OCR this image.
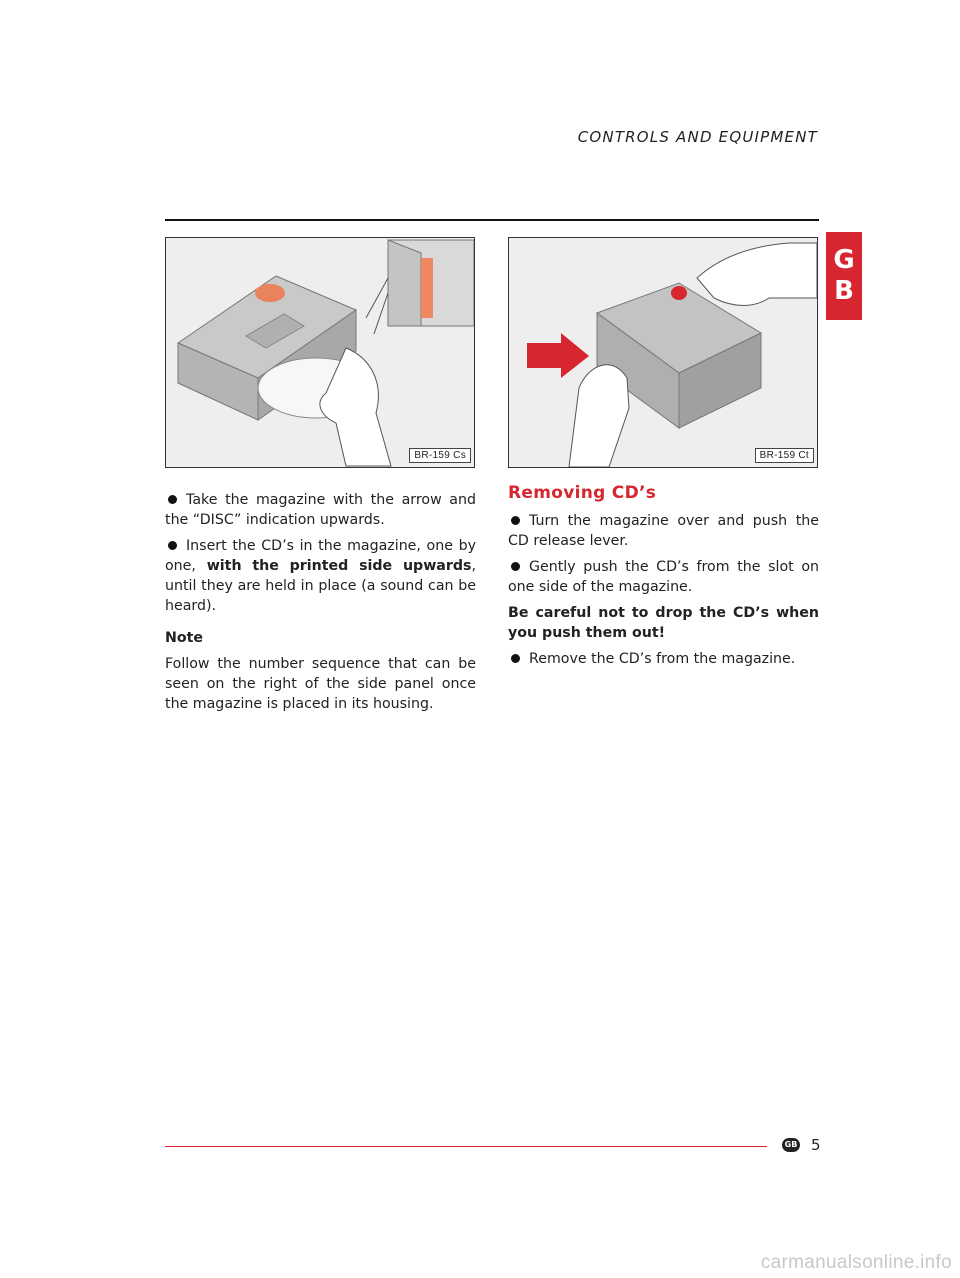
CONTROLS AND EQUIPMENT
G
B
BR-159 Cs	BR-159 Ct

Take the magazine with the arrow and the “DISC” indication upwards.

Insert the CD’s in the magazine, one by one, with the printed side upwards, until they are held in place (a sound can be heard).

Note

Follow the number sequence that can be seen on the right of the side panel once the magazine is placed in its housing.

Removing CD’s

Turn the magazine over and push the CD release lever.

Gently push the CD’s from the slot on one side of the magazine.

Be careful not to drop the CD’s when you push them out!

Remove the CD’s from the magazine.

GB 5
carmanualsonline.info
